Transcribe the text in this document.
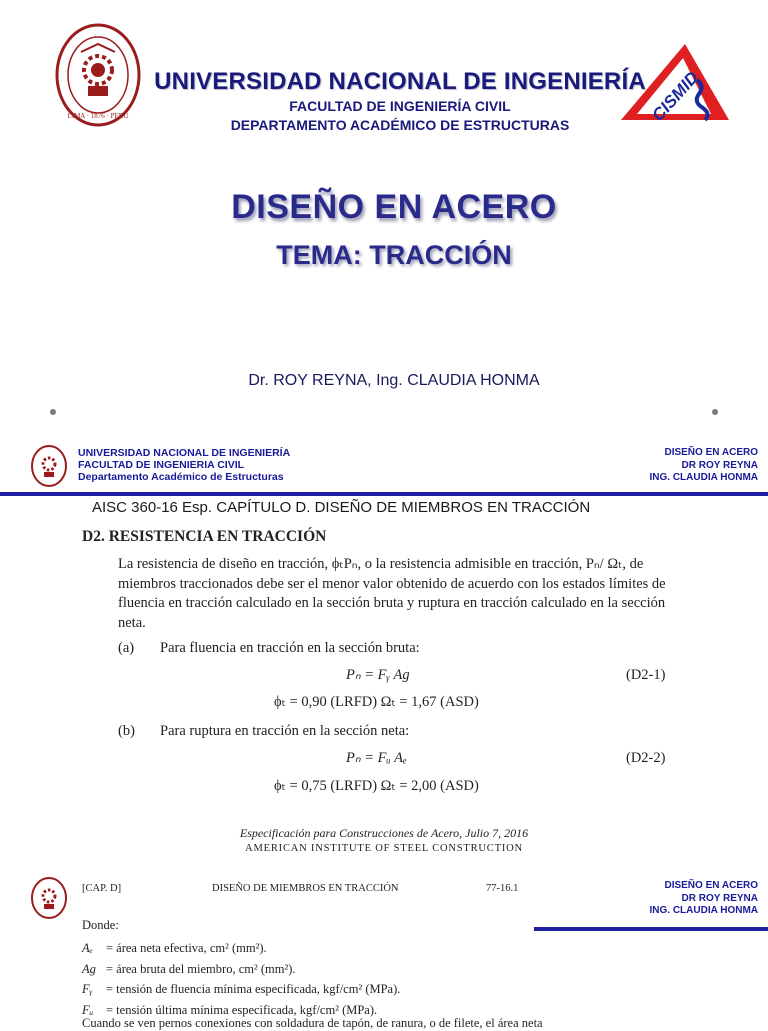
LIMA · 1876 · PERU	CISMID
UNIVERSIDAD NACIONAL DE INGENIERÍA
FACULTAD DE INGENIERÍA CIVIL
DEPARTAMENTO ACADÉMICO DE ESTRUCTURAS
DISEÑO EN ACERO
TEMA: TRACCIÓN
Dr. ROY REYNA, Ing. CLAUDIA HONMA
UNIVERSIDAD NACIONAL DE INGENIERÍA
FACULTAD DE INGENIERIA CIVIL
Departamento Académico de Estructuras
DISEÑO EN ACERO
DR ROY REYNA
ING. CLAUDIA HONMA
AISC 360-16 Esp. CAPÍTULO D. DISEÑO DE MIEMBROS EN TRACCIÓN
D2. RESISTENCIA EN TRACCIÓN
La resistencia de diseño en tracción, ϕₜPₙ, o la resistencia admisible en tracción, Pₙ/ Ωₜ, de miembros traccionados debe ser el menor valor obtenido de acuerdo con los estados límites de fluencia en tracción calculado en la sección bruta y ruptura en tracción calculado en la sección neta.
(a) Para fluencia en tracción en la sección bruta:
Pₙ = Fᵧ Ag	(D2-1)
ϕₜ = 0,90 (LRFD) Ωₜ = 1,67 (ASD)
(b) Para ruptura en tracción en la sección neta:
Pₙ = Fᵤ Aₑ	(D2-2)
ϕₜ = 0,75 (LRFD) Ωₜ = 2,00 (ASD)
Especificación para Construcciones de Acero, Julio 7, 2016
AMERICAN INSTITUTE OF STEEL CONSTRUCTION
[CAP. D]	DISEÑO DE MIEMBROS EN TRACCIÓN	77-16.1	DISEÑO EN ACERO
DR ROY REYNA
ING. CLAUDIA HONMA
Donde:
Aₑ = área neta efectiva, cm² (mm²).
Ag = área bruta del miembro, cm² (mm²).
Fᵧ = tensión de fluencia mínima especificada, kgf/cm² (MPa).
Fᵤ = tensión última mínima especificada, kgf/cm² (MPa).
Cuando se ven pernos conexiones con soldadura de tapón, de ranura, o de filete, el área neta
